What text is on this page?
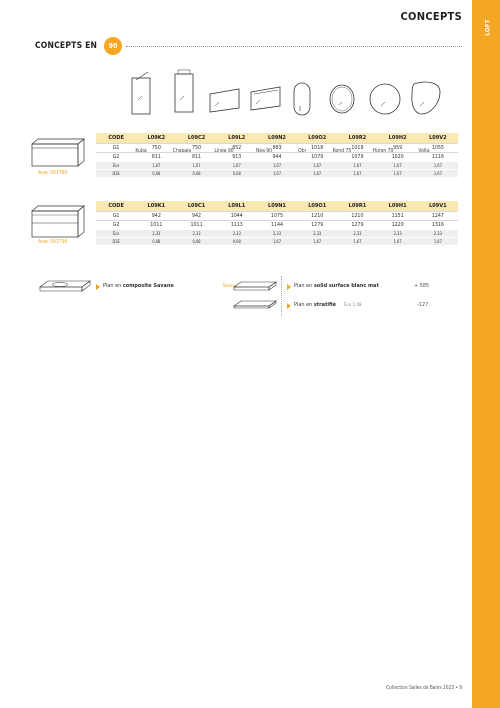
LOFT
CONCEPTS
CONCEPTS EN	90
Kuba	Chapala	Linéa 90	Néa 90	Obi	Rond 75	Huron 70	Volta
Avec SV1T90
CODE	L09K2	L09C2	L09L2	L09N2	L09O2	L09R2	L09H2	L09V2
G1	750	750	852	883	1018	1018	959	1055
G2	811	811	913	944	1079	1079	1020	1116
Éco	1,67	1,67	1,67	1,67	1,67	1,67	1,67	1,67
D3E	0,08	0,08	0,08	1,67	1,67	1,67	1,67	1,67
Avec SV2T90
CODE	L09K1	L09C1	L09L1	L09N1	L09O1	L09R1	L09H1	L09V1
G1	942	942	1044	1075	1210	1210	1151	1247
G2	1011	1011	1113	1144	1279	1279	1220	1316
Éco	2,33	2,33	2,33	2,33	2,33	2,33	2,33	2,33
D3E	0,08	0,08	0,08	1,67	1,67	1,67	1,67	1,67
Plan en composite Savane	Tableau	Plan en solid surface blanc mat	+ 585
Plan en stratifié Éco 1,08	-127
Collection Salles de Bains 2023 • 9
